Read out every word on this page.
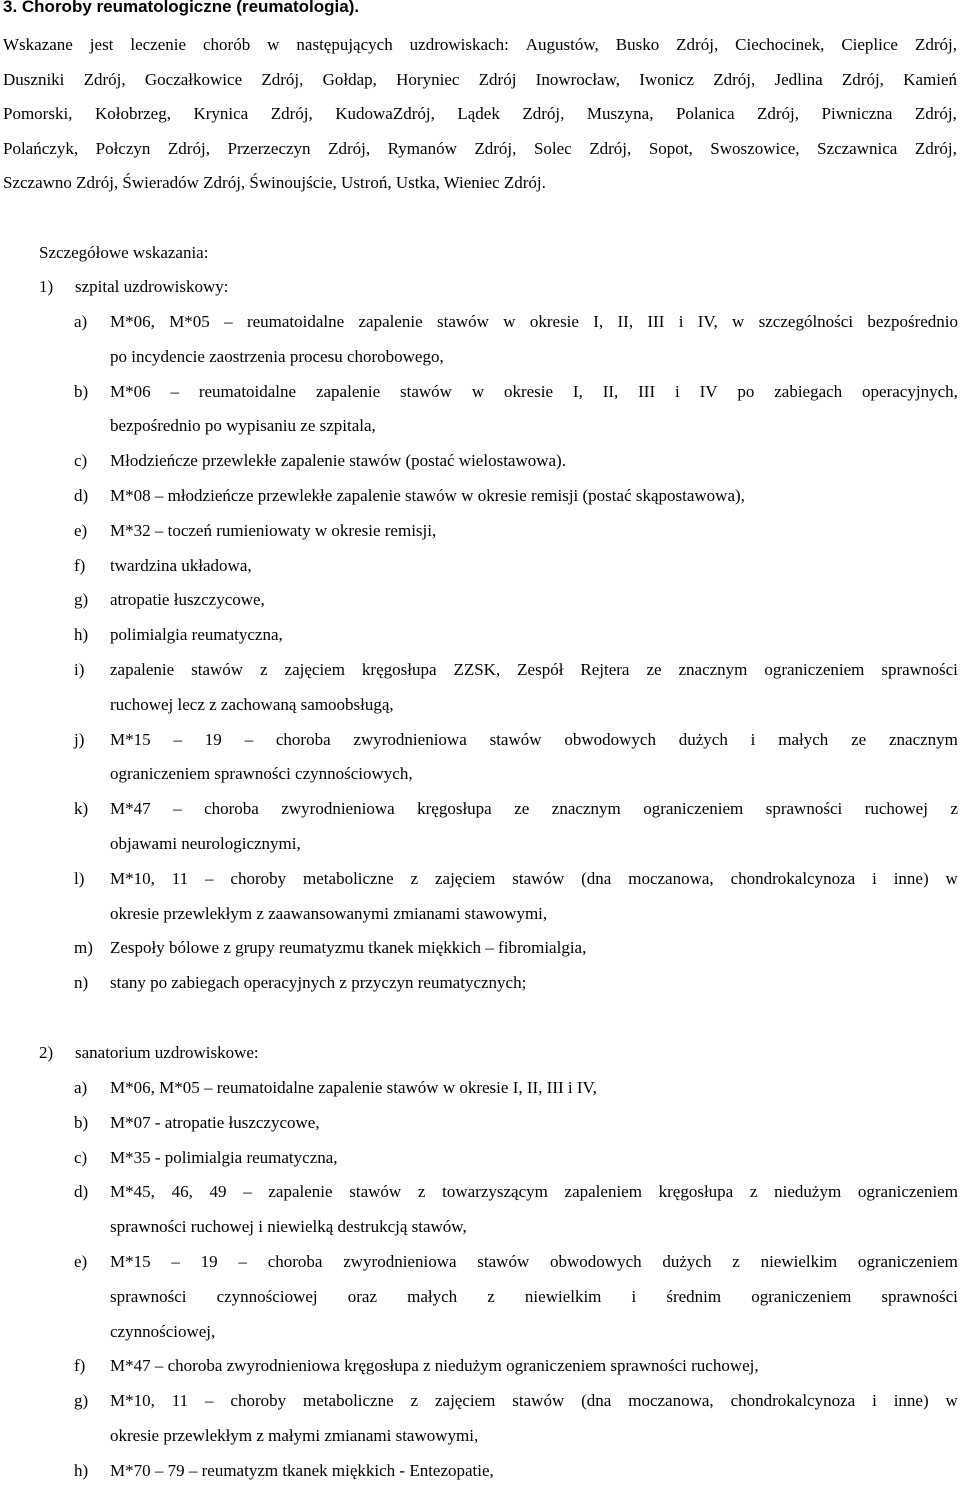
3. Choroby reumatologiczne (reumatologia).

Wskazane jest leczenie chorób w następujących uzdrowiskach: Augustów, Busko Zdrój, Ciechocinek, Cieplice Zdrój,

Duszniki Zdrój, Goczałkowice Zdrój, Gołdap, Horyniec Zdrój Inowrocław, Iwonicz Zdrój, Jedlina Zdrój, Kamień

Pomorski, Kołobrzeg, Krynica Zdrój, KudowaZdrój, Lądek Zdrój, Muszyna, Polanica Zdrój, Piwniczna Zdrój,

Polańczyk, Połczyn Zdrój, Przerzeczyn Zdrój, Rymanów Zdrój, Solec Zdrój, Sopot, Swoszowice, Szczawnica Zdrój,

Szczawno Zdrój, Świeradów Zdrój, Świnoujście, Ustroń, Ustka, Wieniec Zdrój.

Szczegółowe wskazania:
1) szpital uzdrowiskowy:
a)	M*06, M*05 – reumatoidalne zapalenie stawów w okresie I, II, III i IV, w szczególności bezpośrednio
po incydencie zaostrzenia procesu chorobowego,
b)	M*06 – reumatoidalne zapalenie stawów w okresie I, II, III i IV po zabiegach operacyjnych,
bezpośrednio po wypisaniu ze szpitala,
c)	Młodzieńcze przewlekłe zapalenie stawów (postać wielostawowa).
d)	M*08 – młodzieńcze przewlekłe zapalenie stawów w okresie remisji (postać skąpostawowa),
e)	M*32 – toczeń rumieniowaty w okresie remisji,
f)	twardzina układowa,
g)	atropatie łuszczycowe,
h)	polimialgia reumatyczna,
i)	zapalenie stawów z zajęciem kręgosłupa ZZSK, Zespół Rejtera ze znacznym ograniczeniem sprawności
ruchowej lecz z zachowaną samoobsługą,
j)	M*15 – 19 – choroba zwyrodnieniowa stawów obwodowych dużych i małych ze znacznym
ograniczeniem sprawności czynnościowych,
k)	M*47 – choroba zwyrodnieniowa kręgosłupa ze znacznym ograniczeniem sprawności ruchowej z
objawami neurologicznymi,
l)	M*10, 11 – choroby metaboliczne z zajęciem stawów (dna moczanowa, chondrokalcynoza i inne) w
okresie przewlekłym z zaawansowanymi zmianami stawowymi,
m)	Zespoły bólowe z grupy reumatyzmu tkanek miękkich – fibromialgia,
n)	stany po zabiegach operacyjnych z przyczyn reumatycznych;
2) sanatorium uzdrowiskowe:
a)	M*06, M*05 – reumatoidalne zapalenie stawów w okresie I, II, III i IV,
b)	M*07 - atropatie łuszczycowe,
c)	M*35 - polimialgia reumatyczna,
d)	M*45, 46, 49 – zapalenie stawów z towarzyszącym zapaleniem kręgosłupa z niedużym ograniczeniem
sprawności ruchowej i niewielką destrukcją stawów,
e)	M*15 – 19 – choroba zwyrodnieniowa stawów obwodowych dużych z niewielkim ograniczeniem
sprawności czynnościowej oraz małych z niewielkim i średnim ograniczeniem sprawności
czynnościowej,
f)	M*47 – choroba zwyrodnieniowa kręgosłupa z niedużym ograniczeniem sprawności ruchowej,
g)	M*10, 11 – choroby metaboliczne z zajęciem stawów (dna moczanowa, chondrokalcynoza i inne) w
okresie przewlekłym z małymi zmianami stawowymi,
h)	M*70 – 79 – reumatyzm tkanek miękkich - Entezopatie,
